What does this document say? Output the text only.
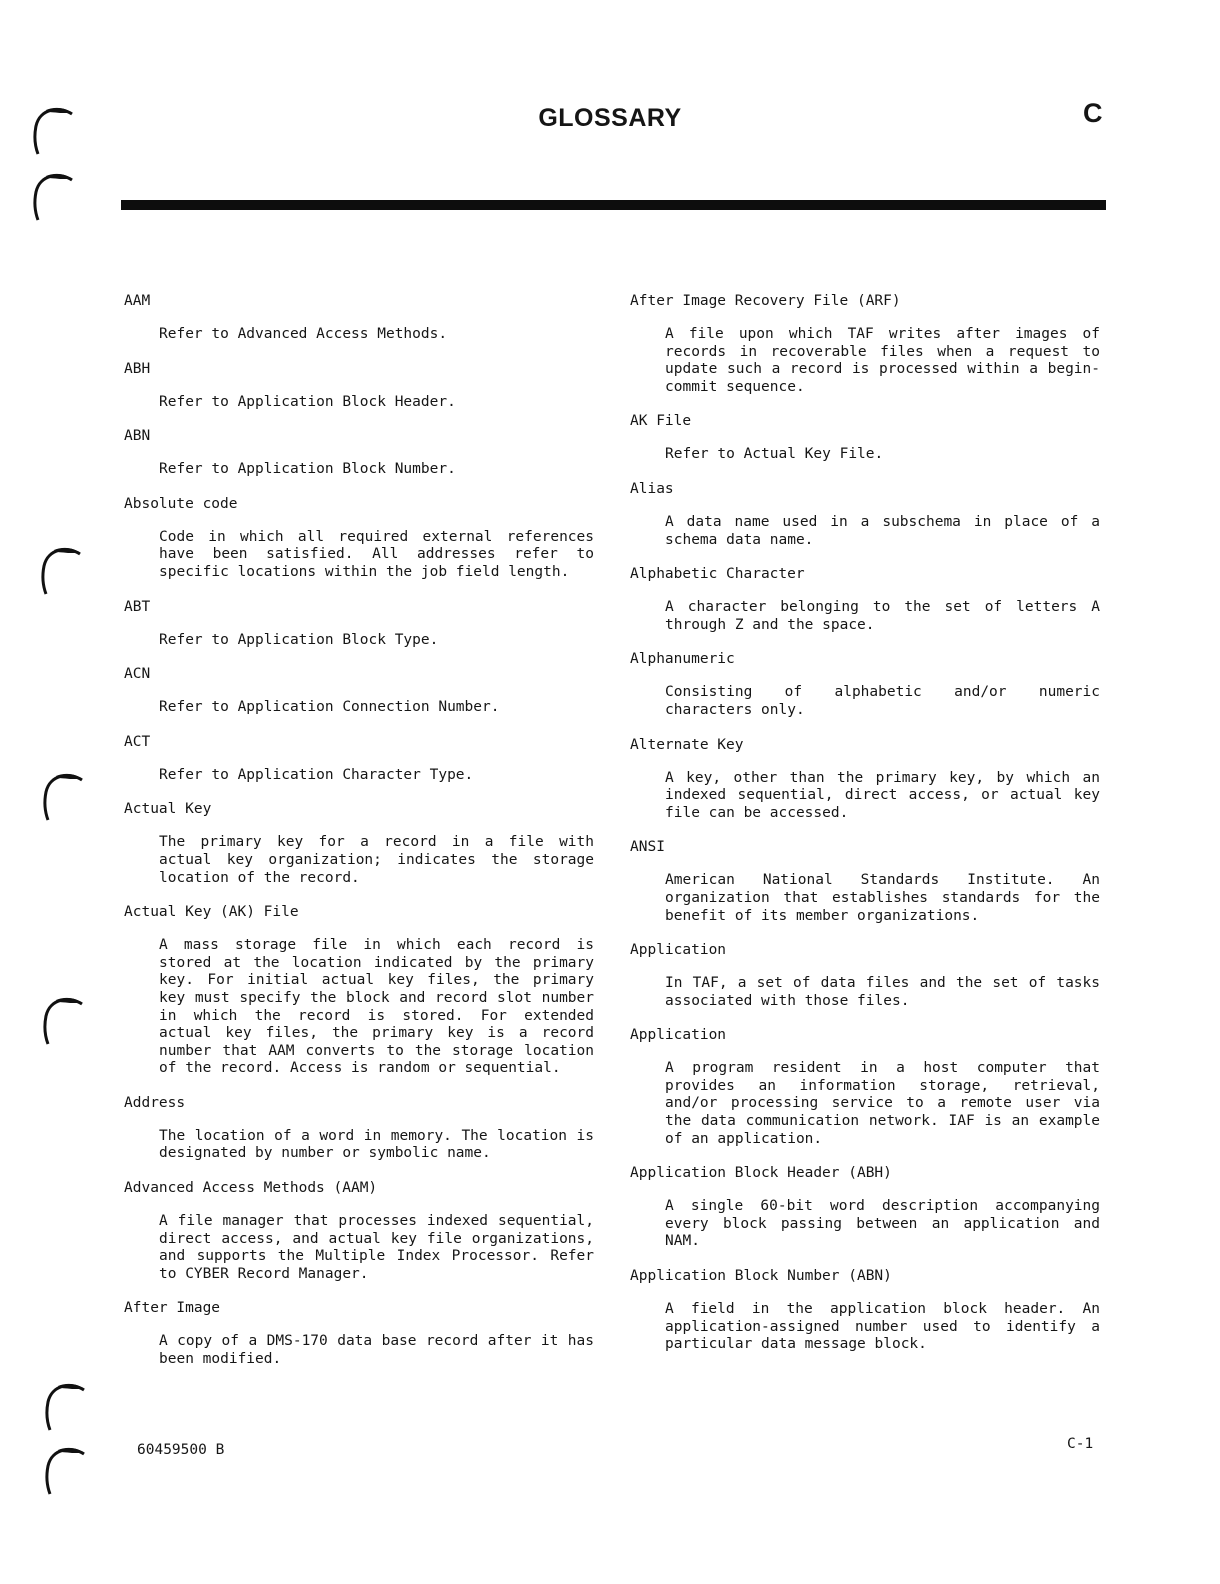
GLOSSARY	C

AAM

Refer to Advanced Access Methods.

ABH

Refer to Application Block Header.

ABN

Refer to Application Block Number.

Absolute code

Code in which all required external references have been satisfied. All addresses refer to specific locations within the job field length.

ABT

Refer to Application Block Type.

ACN

Refer to Application Connection Number.

ACT

Refer to Application Character Type.

Actual Key

The primary key for a record in a file with actual key organization; indicates the storage location of the record.

Actual Key (AK) File

A mass storage file in which each record is stored at the location indicated by the primary key. For initial actual key files, the primary key must specify the block and record slot number in which the record is stored. For extended actual key files, the primary key is a record number that AAM converts to the storage location of the record. Access is random or sequential.

Address

The location of a word in memory. The location is designated by number or symbolic name.

Advanced Access Methods (AAM)

A file manager that processes indexed sequential, direct access, and actual key file organizations, and supports the Multiple Index Processor. Refer to CYBER Record Manager.

After Image

A copy of a DMS-170 data base record after it has been modified.

After Image Recovery File (ARF)

A file upon which TAF writes after images of records in recoverable files when a request to update such a record is processed within a begin-commit sequence.

AK File

Refer to Actual Key File.

Alias

A data name used in a subschema in place of a schema data name.

Alphabetic Character

A character belonging to the set of letters A through Z and the space.

Alphanumeric

Consisting of alphabetic and/or numeric characters only.

Alternate Key

A key, other than the primary key, by which an indexed sequential, direct access, or actual key file can be accessed.

ANSI

American National Standards Institute. An organization that establishes standards for the benefit of its member organizations.

Application

In TAF, a set of data files and the set of tasks associated with those files.

Application

A program resident in a host computer that provides an information storage, retrieval, and/or processing service to a remote user via the data communication network. IAF is an example of an application.

Application Block Header (ABH)

A single 60-bit word description accompanying every block passing between an application and NAM.

Application Block Number (ABN)

A field in the application block header. An application-assigned number used to identify a particular data message block.

60459500 B	C-1
